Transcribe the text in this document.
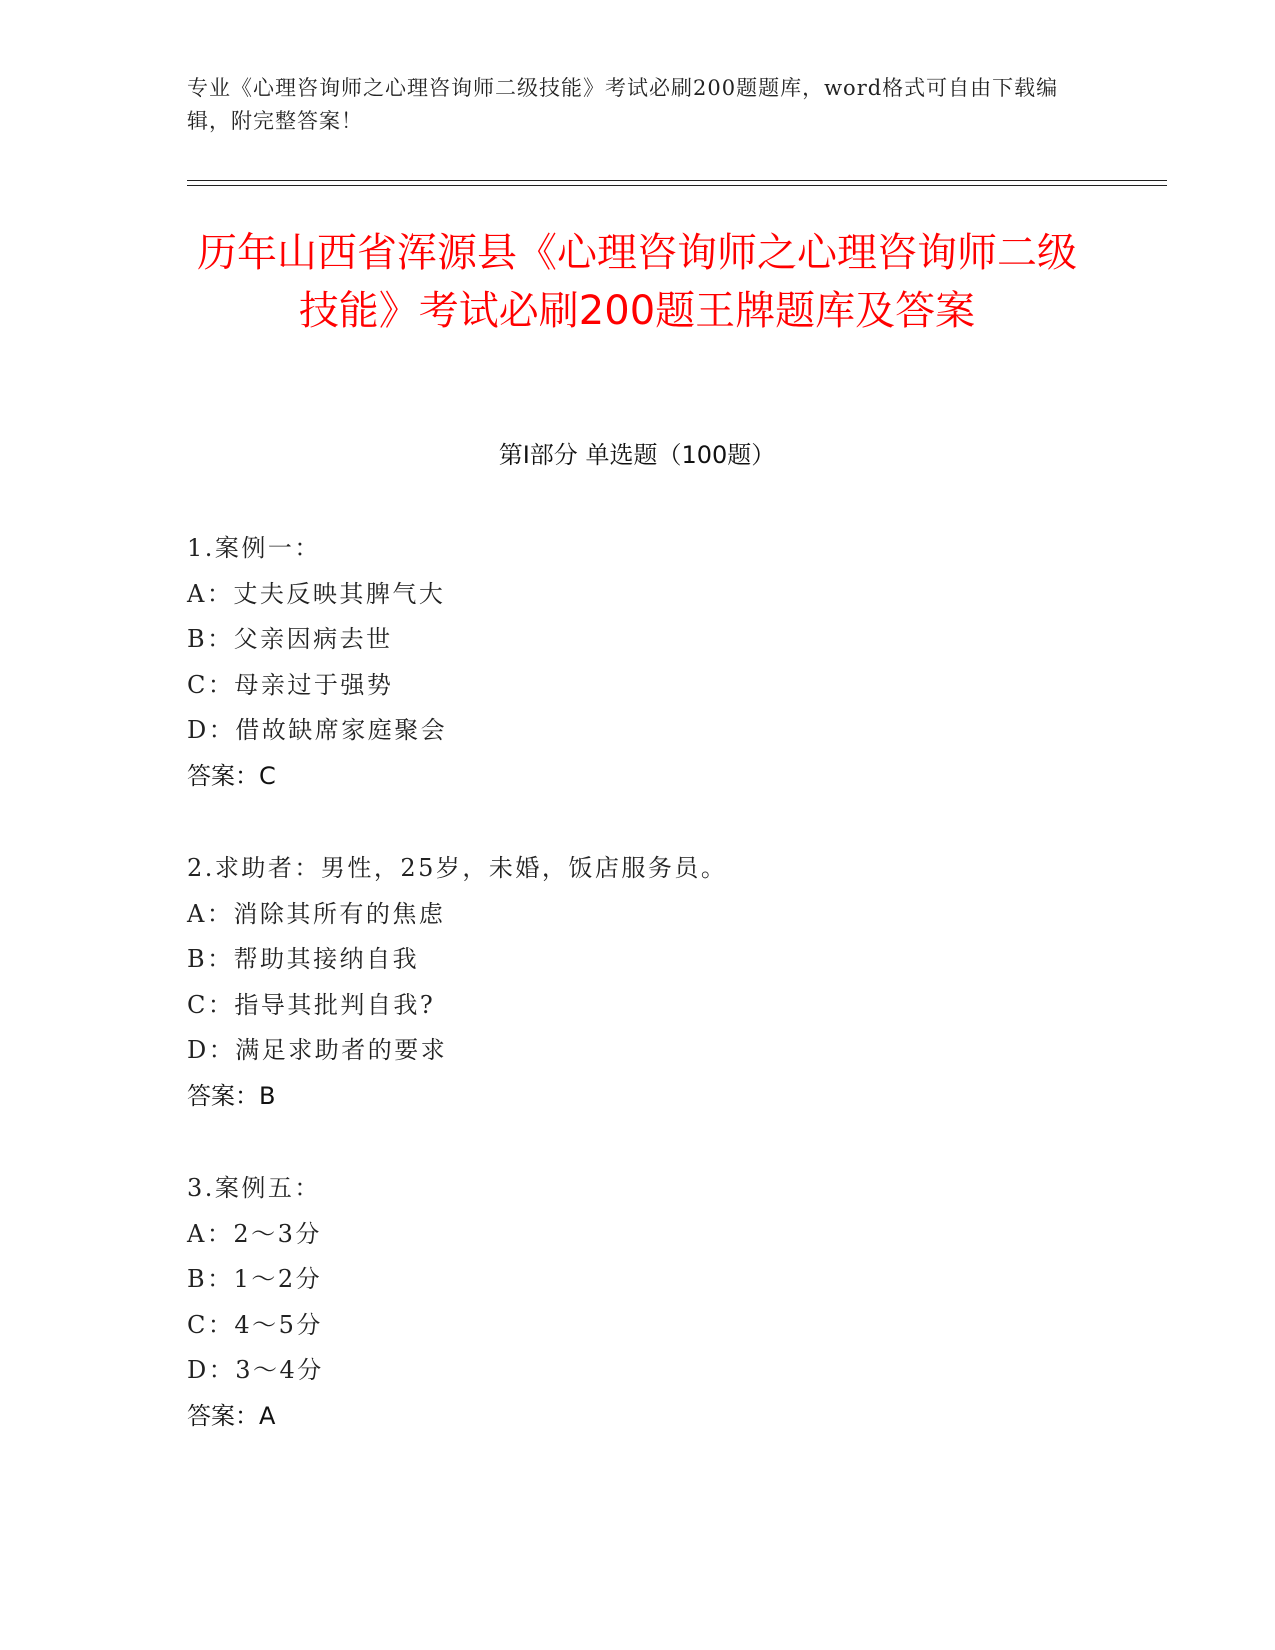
专业《心理咨询师之心理咨询师二级技能》考试必刷200题题库，word格式可自由下载编辑，附完整答案！
历年山西省浑源县《心理咨询师之心理咨询师二级技能》考试必刷200题王牌题库及答案
第Ⅰ部分 单选题（100题）
1.案例一：
A：丈夫反映其脾气大
B：父亲因病去世
C：母亲过于强势
D：借故缺席家庭聚会
答案：C
2.求助者：男性，25岁，未婚，饭店服务员。
A：消除其所有的焦虑
B：帮助其接纳自我
C：指导其批判自我?
D：满足求助者的要求
答案：B
3.案例五：
A：2～3分
B：1～2分
C：4～5分
D：3～4分
答案：A
